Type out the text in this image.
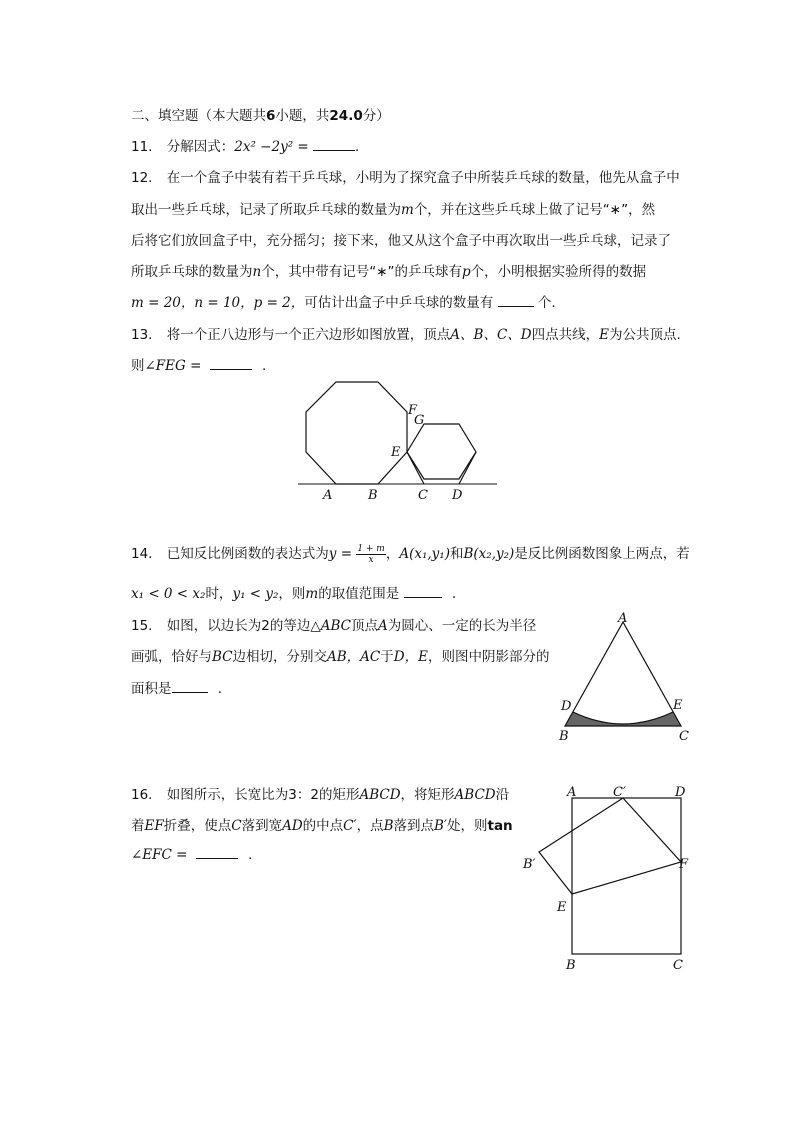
二、填空题（本大题共6小题，共24.0分）
11. 分解因式：2x² −2y² =	.
12. 在一个盒子中装有若干乒乓球，小明为了探究盒子中所装乒乓球的数量，他先从盒子中
取出一些乒乓球，记录了所取乒乓球的数量为m个，并在这些乒乓球上做了记号“∗”，然
后将它们放回盒子中，充分摇匀；接下来，他又从这个盒子中再次取出一些乒乓球，记录了
所取乒乓球的数量为n个，其中带有记号“∗”的乒乓球有p个，小明根据实验所得的数据
m = 20，n = 10，p = 2，可估计出盒子中乒乓球的数量有	个.
13. 将一个正八边形与一个正六边形如图放置，顶点A、B、C、D四点共线，E为公共顶点.
则∠FEG =	.
A	B	C D
E
F
G
14. 已知反比例函数的表达式为$y = \frac{1 + m}{x}$ ，A(x₁,y₁)和B(x₂,y₂)是反比例函数图象上两点，若
x₁ < 0 < x₂时，y₁ < y₂，则m的取值范围是	.
15. 如图，以边长为2的等边△ABC顶点A为圆心、一定的长为半径
画弧，恰好与BC边相切，分别交AB，AC于D，E，则图中阴影部分的
面积是	.
A
D	E
B	C
16. 如图所示，长宽比为3：2的矩形ABCD，将矩形ABCD沿
着EF折叠，使点C落到宽AD的中点C′，点B落到点B′处，则tan
∠EFC =	.
A	C′	D
B′	F
E
B	C
